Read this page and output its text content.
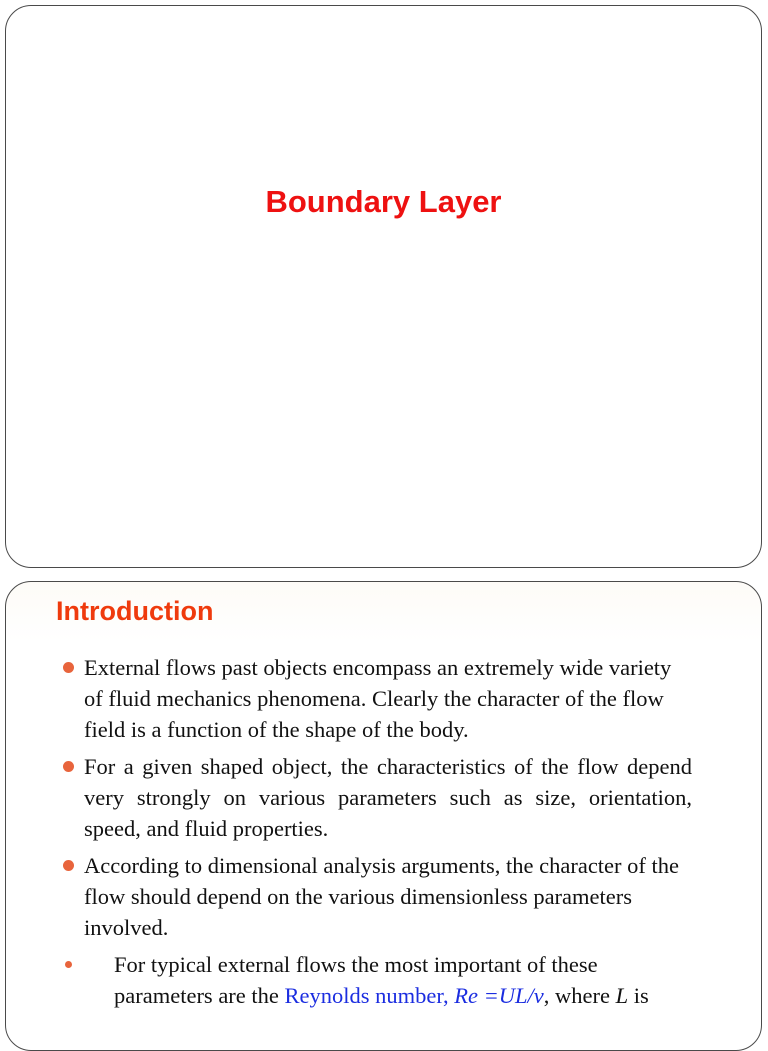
Boundary Layer
Introduction
External flows past objects encompass an extremely wide variety of fluid mechanics phenomena. Clearly the character of the flow field is a function of the shape of the body.
For a given shaped object, the characteristics of the flow depend very strongly on various parameters such as size, orientation, speed, and fluid properties.
According to dimensional analysis arguments, the character of the flow should depend on the various dimensionless parameters involved.
For typical external flows the most important of these parameters are the Reynolds number, Re =UL/ν, where L is
